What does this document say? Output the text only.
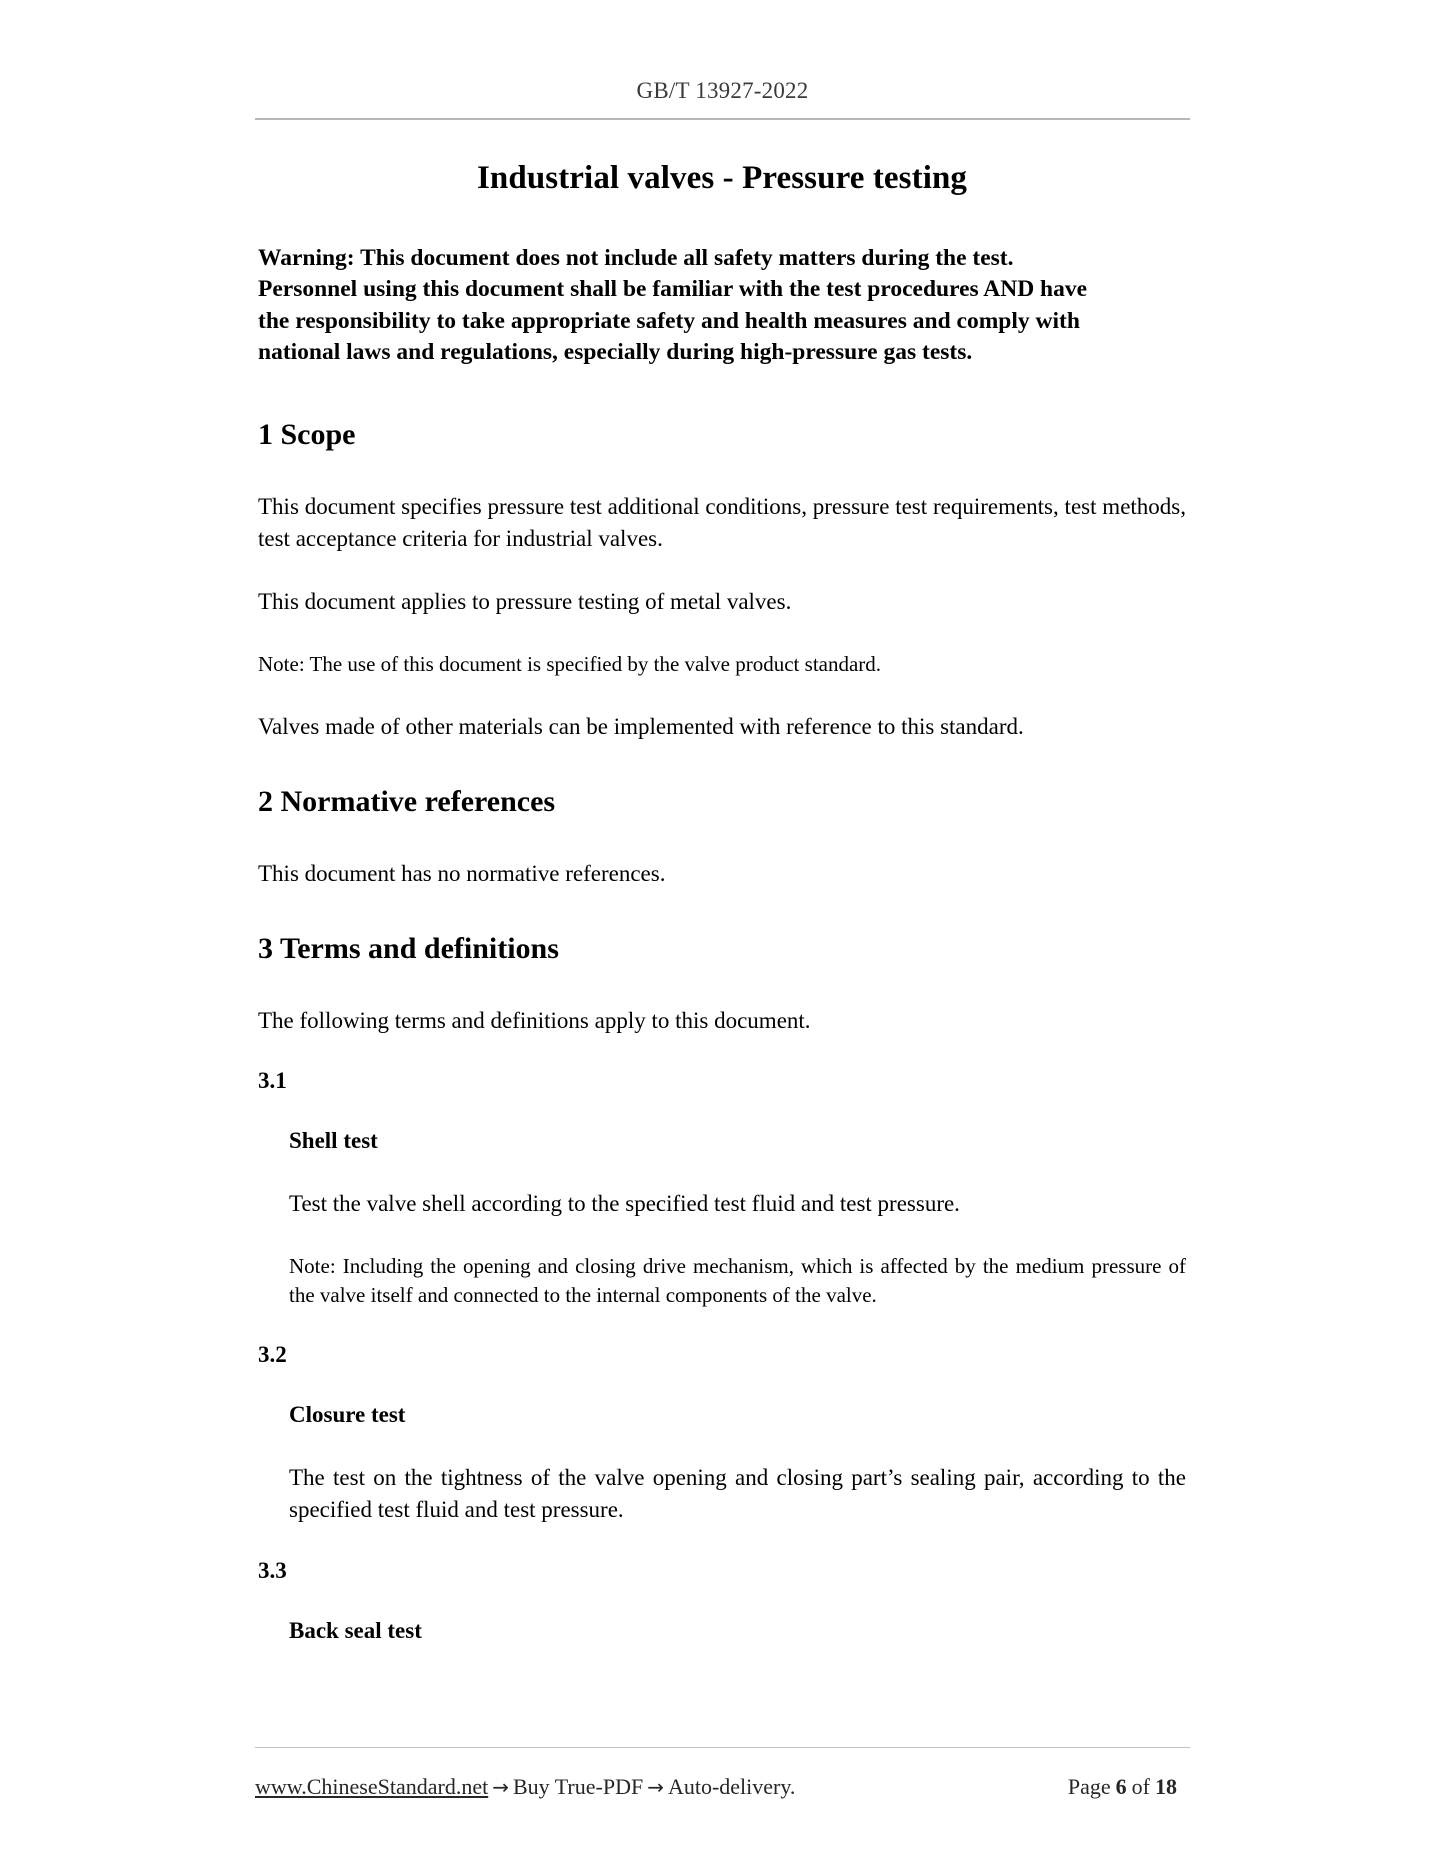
GB/T 13927-2022
Industrial valves - Pressure testing

Warning: This document does not include all safety matters during the test.
Personnel using this document shall be familiar with the test procedures AND have
the responsibility to take appropriate safety and health measures and comply with
national laws and regulations, especially during high-pressure gas tests.

1 Scope

This document specifies pressure test additional conditions, pressure test requirements, test methods, test acceptance criteria for industrial valves.

This document applies to pressure testing of metal valves.

Note: The use of this document is specified by the valve product standard.

Valves made of other materials can be implemented with reference to this standard.

2 Normative references

This document has no normative references.

3 Terms and definitions

The following terms and definitions apply to this document.

3.1
Shell test

Test the valve shell according to the specified test fluid and test pressure.

Note: Including the opening and closing drive mechanism, which is affected by the medium pressure of the valve itself and connected to the internal components of the valve.

3.2
Closure test

The test on the tightness of the valve opening and closing part’s sealing pair, according to the specified test fluid and test pressure.

3.3
Back seal test
www.ChineseStandard.net → Buy True-PDF → Auto-delivery.	Page 6 of 18
